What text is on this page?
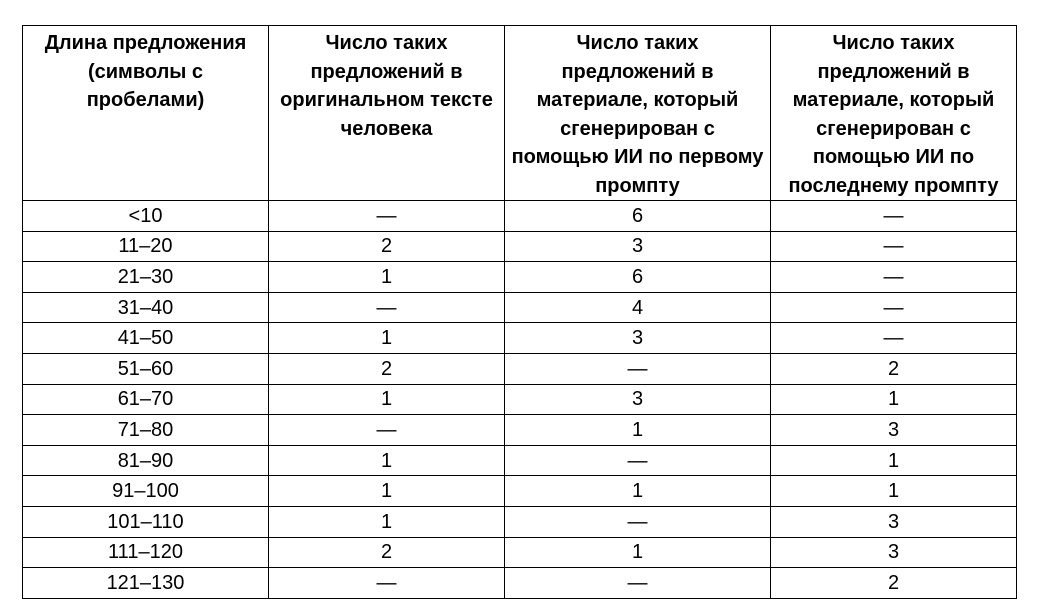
Длина предложения (символы с пробелами)	Число таких предложений в оригинальном тексте человека	Число таких предложений в материале, который сгенерирован с помощью ИИ по первому промпту	Число таких предложений в материале, который сгенерирован с помощью ИИ по последнему промпту
<10	—	6	—
11–20	2	3	—
21–30	1	6	—
31–40	—	4	—
41–50	1	3	—
51–60	2	—	2
61–70	1	3	1
71–80	—	1	3
81–90	1	—	1
91–100	1	1	1
101–110	1	—	3
111–120	2	1	3
121–130	—	—	2
